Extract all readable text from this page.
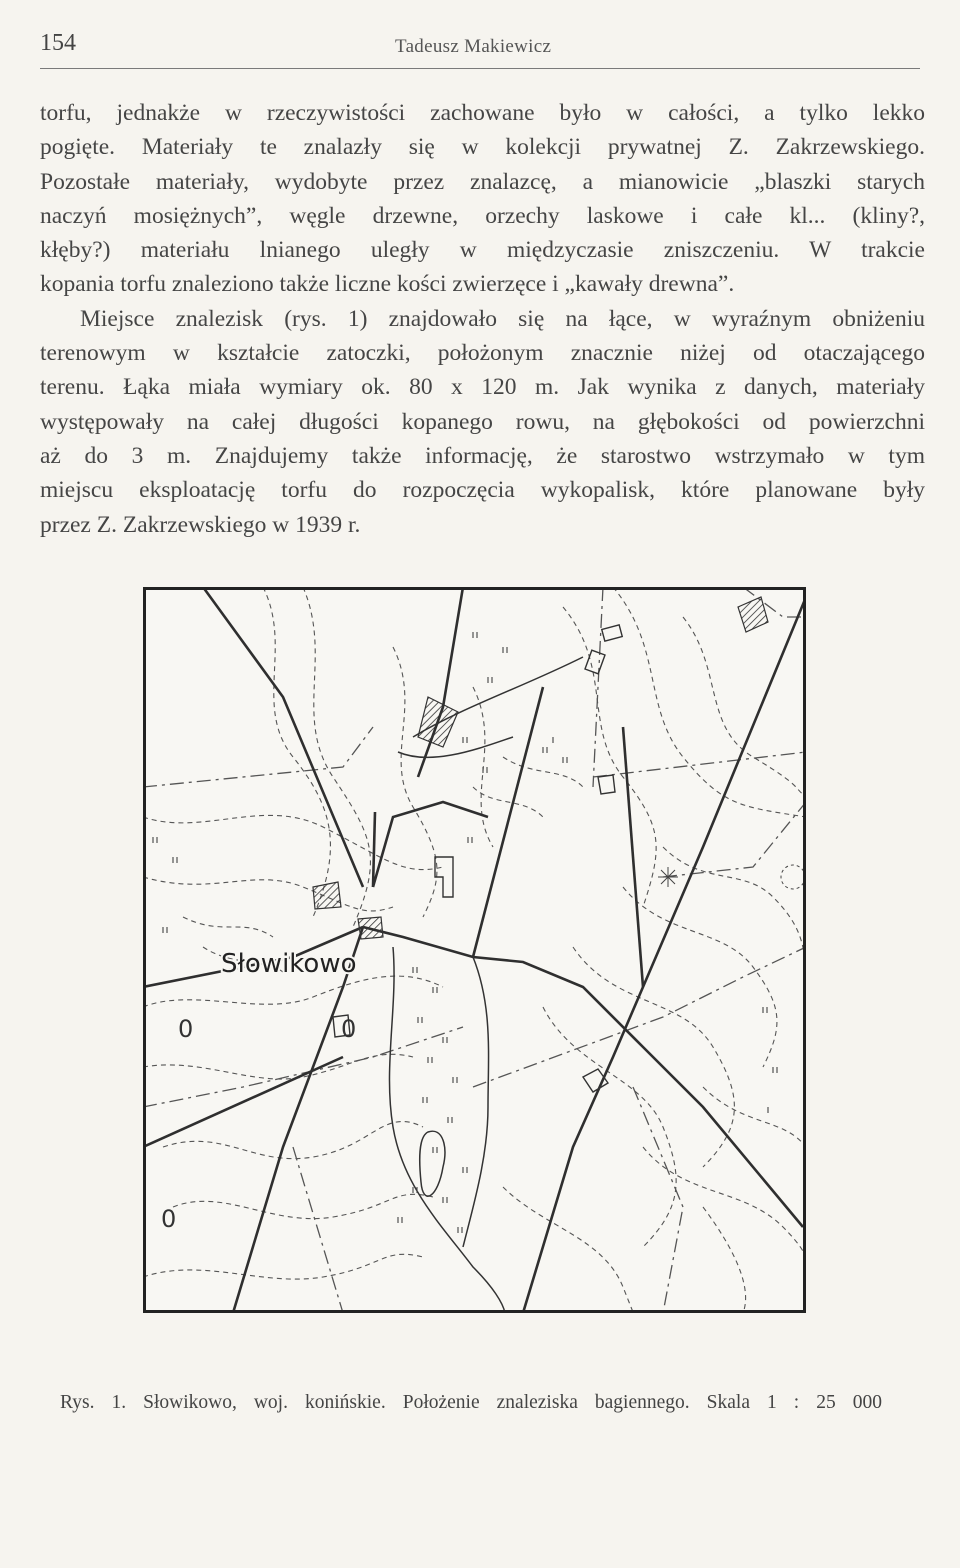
154	Tadeusz Makiewicz
torfu, jednakże w rzeczywistości zachowane było w całości, a tylko lekko
pogięte. Materiały te znalazły się w kolekcji prywatnej Z. Zakrzewskiego.
Pozostałe materiały, wydobyte przez znalazcę, a mianowicie „blaszki starych
naczyń mosiężnych”, węgle drzewne, orzechy laskowe i całe kl... (kliny?,
kłęby?) materiału lnianego uległy w międzyczasie zniszczeniu. W trakcie
kopania torfu znaleziono także liczne kości zwierzęce i „kawały drewna”.
Miejsce znalezisk (rys. 1) znajdowało się na łące, w wyraźnym obniżeniu
terenowym w kształcie zatoczki, położonym znacznie niżej od otaczającego
terenu. Łąka miała wymiary ok. 80 x 120 m. Jak wynika z danych, materiały
występowały na całej długości kopanego rowu, na głębokości od powierzchni
aż do 3 m. Znajdujemy także informację, że starostwo wstrzymało w tym
miejscu eksploatację torfu do rozpoczęcia wykopalisk, które planowane były
przez Z. Zakrzewskiego w 1939 r.
Słowikowo
0	0
0
Rys. 1. Słowikowo, woj. konińskie. Położenie znaleziska bagiennego. Skala 1 : 25 000
